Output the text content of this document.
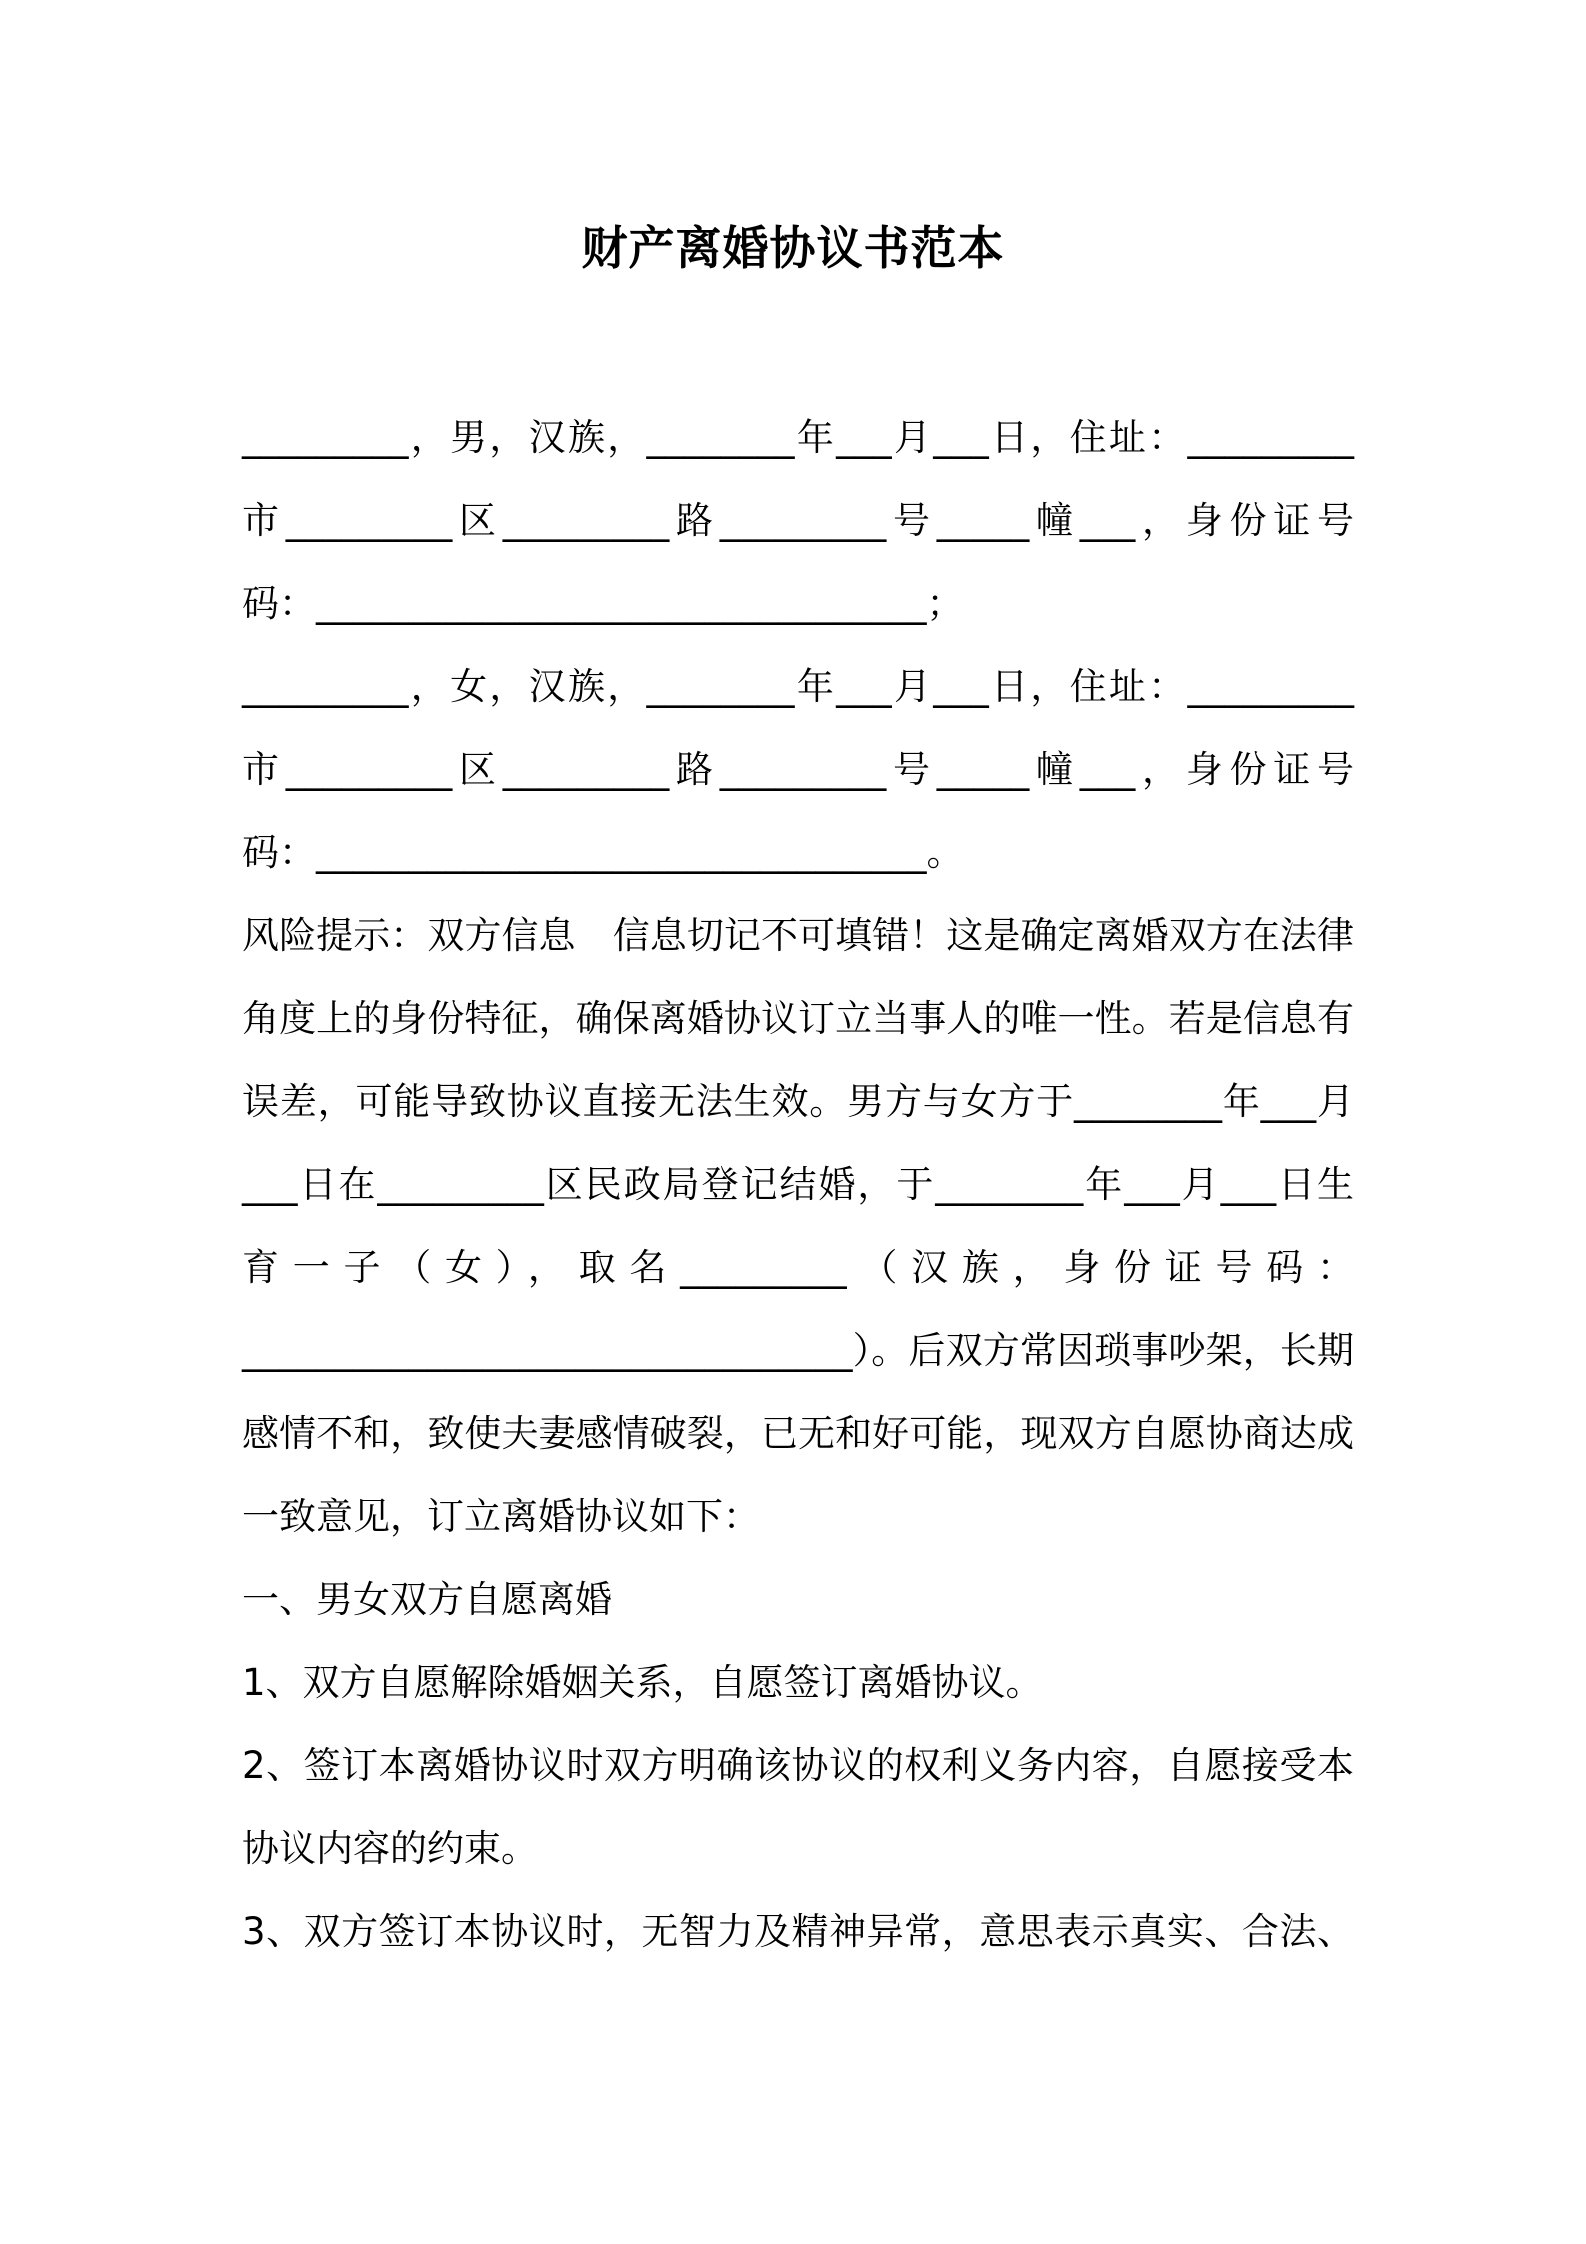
财产离婚协议书范本
_________，男，汉族，________年___月___日，住址：_________
市_________区_________路_________号_____幢___，身份证号
码：_________________________________；
_________，女，汉族，________年___月___日，住址：_________
市_________区_________路_________号_____幢___，身份证号
码：_________________________________。
风险提示：双方信息　信息切记不可填错！这是确定离婚双方在法律
角度上的身份特征，确保离婚协议订立当事人的唯一性。若是信息有
误差，可能导致协议直接无法生效。男方与女方于________年___月
___日在_________区民政局登记结婚，于________年___月___日生
育一子（女），取名_________（汉族，身份证号码：
_________________________________）。后双方常因琐事吵架，长期
感情不和，致使夫妻感情破裂，已无和好可能，现双方自愿协商达成
一致意见，订立离婚协议如下：
一、男女双方自愿离婚
1、双方自愿解除婚姻关系，自愿签订离婚协议。
2、签订本离婚协议时双方明确该协议的权利义务内容，自愿接受本
协议内容的约束。
3、双方签订本协议时，无智力及精神异常，意思表示真实、合法、
